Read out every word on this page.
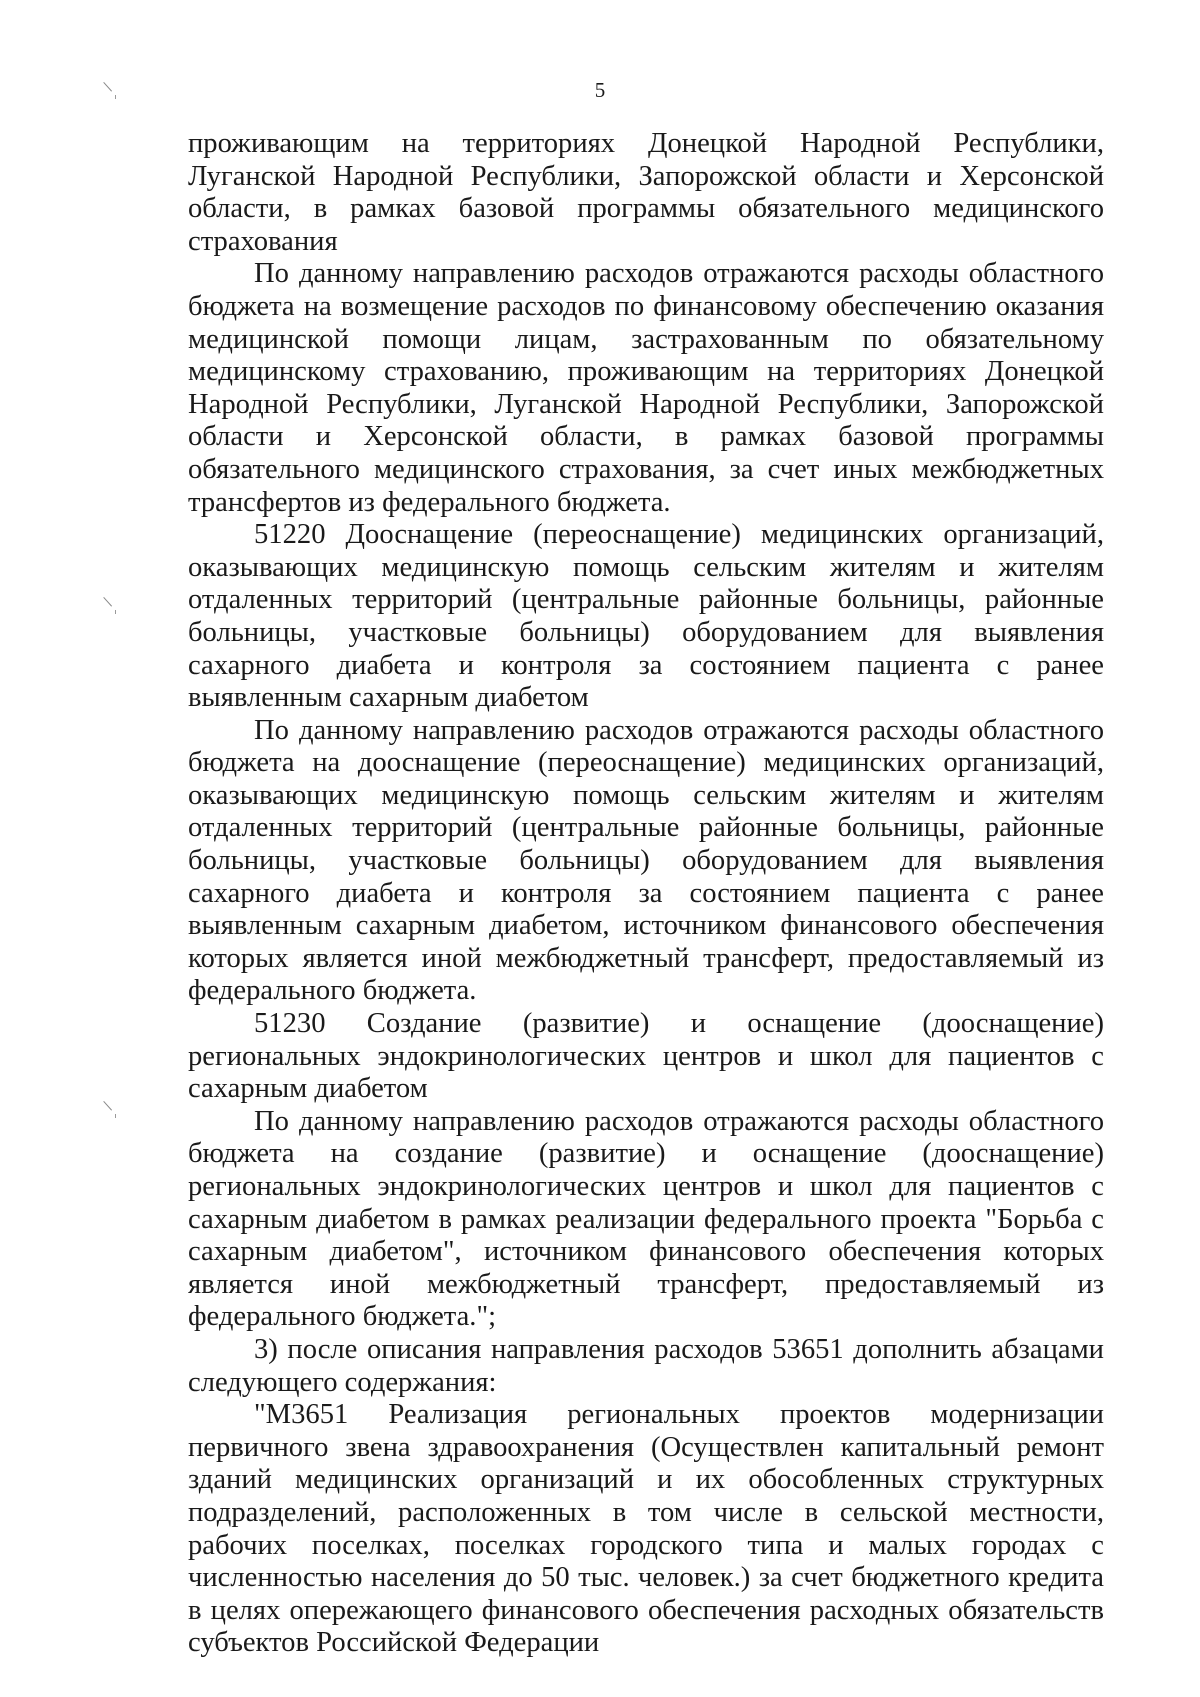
5

проживающим на территориях Донецкой Народной Республики, Луганской Народной Республики, Запорожской области и Херсонской области, в рамках базовой программы обязательного медицинского страхования

По данному направлению расходов отражаются расходы областного бюджета на возмещение расходов по финансовому обеспечению оказания медицинской помощи лицам, застрахованным по обязательному медицинскому страхованию, проживающим на территориях Донецкой Народной Республики, Луганской Народной Республики, Запорожской области и Херсонской области, в рамках базовой программы обязательного медицинского страхования, за счет иных межбюджетных трансфертов из федерального бюджета.

51220 Дооснащение (переоснащение) медицинских организаций, оказывающих медицинскую помощь сельским жителям и жителям отдаленных территорий (центральные районные больницы, районные больницы, участковые больницы) оборудованием для выявления сахарного диабета и контроля за состоянием пациента с ранее выявленным сахарным диабетом

По данному направлению расходов отражаются расходы областного бюджета на дооснащение (переоснащение) медицинских организаций, оказывающих медицинскую помощь сельским жителям и жителям отдаленных территорий (центральные районные больницы, районные больницы, участковые больницы) оборудованием для выявления сахарного диабета и контроля за состоянием пациента с ранее выявленным сахарным диабетом, источником финансового обеспечения которых является иной межбюджетный трансферт, предоставляемый из федерального бюджета.

51230 Создание (развитие) и оснащение (дооснащение) региональных эндокринологических центров и школ для пациентов с сахарным диабетом

По данному направлению расходов отражаются расходы областного бюджета на создание (развитие) и оснащение (дооснащение) региональных эндокринологических центров и школ для пациентов с сахарным диабетом в рамках реализации федерального проекта "Борьба с сахарным диабетом", источником финансового обеспечения которых является иной межбюджетный трансферт, предоставляемый из федерального бюджета.";

3) после описания направления расходов 53651 дополнить абзацами следующего содержания:

"М3651 Реализация региональных проектов модернизации первичного звена здравоохранения (Осуществлен капитальный ремонт зданий медицинских организаций и их обособленных структурных подразделений, расположенных в том числе в сельской местности, рабочих поселках, поселках городского типа и малых городах с численностью населения до 50 тыс. человек.) за счет бюджетного кредита в целях опережающего финансового обеспечения расходных обязательств субъектов Российской Федерации
